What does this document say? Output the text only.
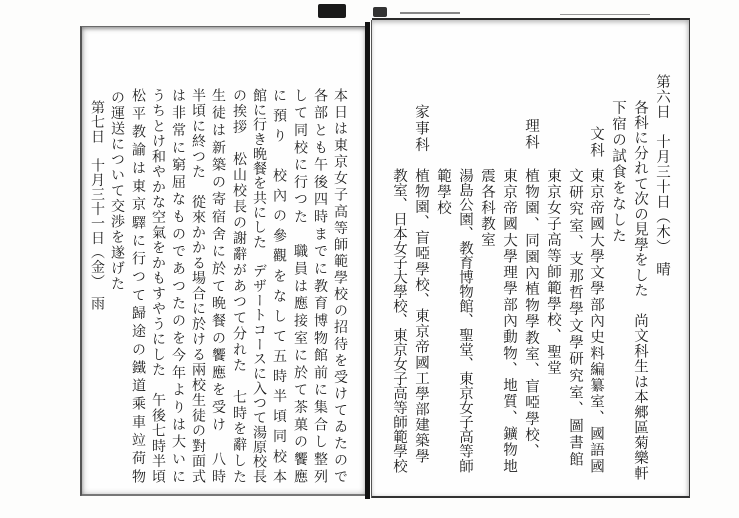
本日は東京女子高等師範學校の招待を受けてゐたので
各部とも午後四時までに教育博物館前に集合し整列
して同校に行つた　職員は應接室に於て茶菓の饗應
に預り　校內の參觀をなして五時半頃同校本
館に行き晩餐を共にした　デザートコースに入つて湯原校長
の挨拶　松山校長の謝辭があつて分れた　七時を辭した
生徒は新築の寄宿舍に於て晩餐の饗應を受け　八時
半頃に終つた　從來かかる場合に於ける兩校生徒の對面式
は非常に窮屈なものであつたのを今年よりは大いに
うちとけ和やかな空氣をかもすやうにした　午後七時半頃
松平教諭は東京驛に行つて歸途の鐵道乘車竝荷物
の運送について交渉を遂げた
第七日　十月三十一日（金）　雨	第六日　十月三十日（木）　晴
各科に分れて次の見學をした　尚文科生は本郷區菊樂軒
下宿の試食をなした
文科
東京帝國大學文學部內史料編纂室、國語國
文研究室、支那哲學文學研究室、圖書館
東京女子高等師範學校、聖堂
理科
植物園、同園內植物學教室、盲啞學校、
東京帝國大學理學部內動物、地質、鑛物地
震各科教室
湯島公園、教育博物館、聖堂、東京女子高等師
範學校
家事科
植物園、盲啞學校、東京帝國工學部建築學
教室、日本女子大學校、東京女子高等師範學校
